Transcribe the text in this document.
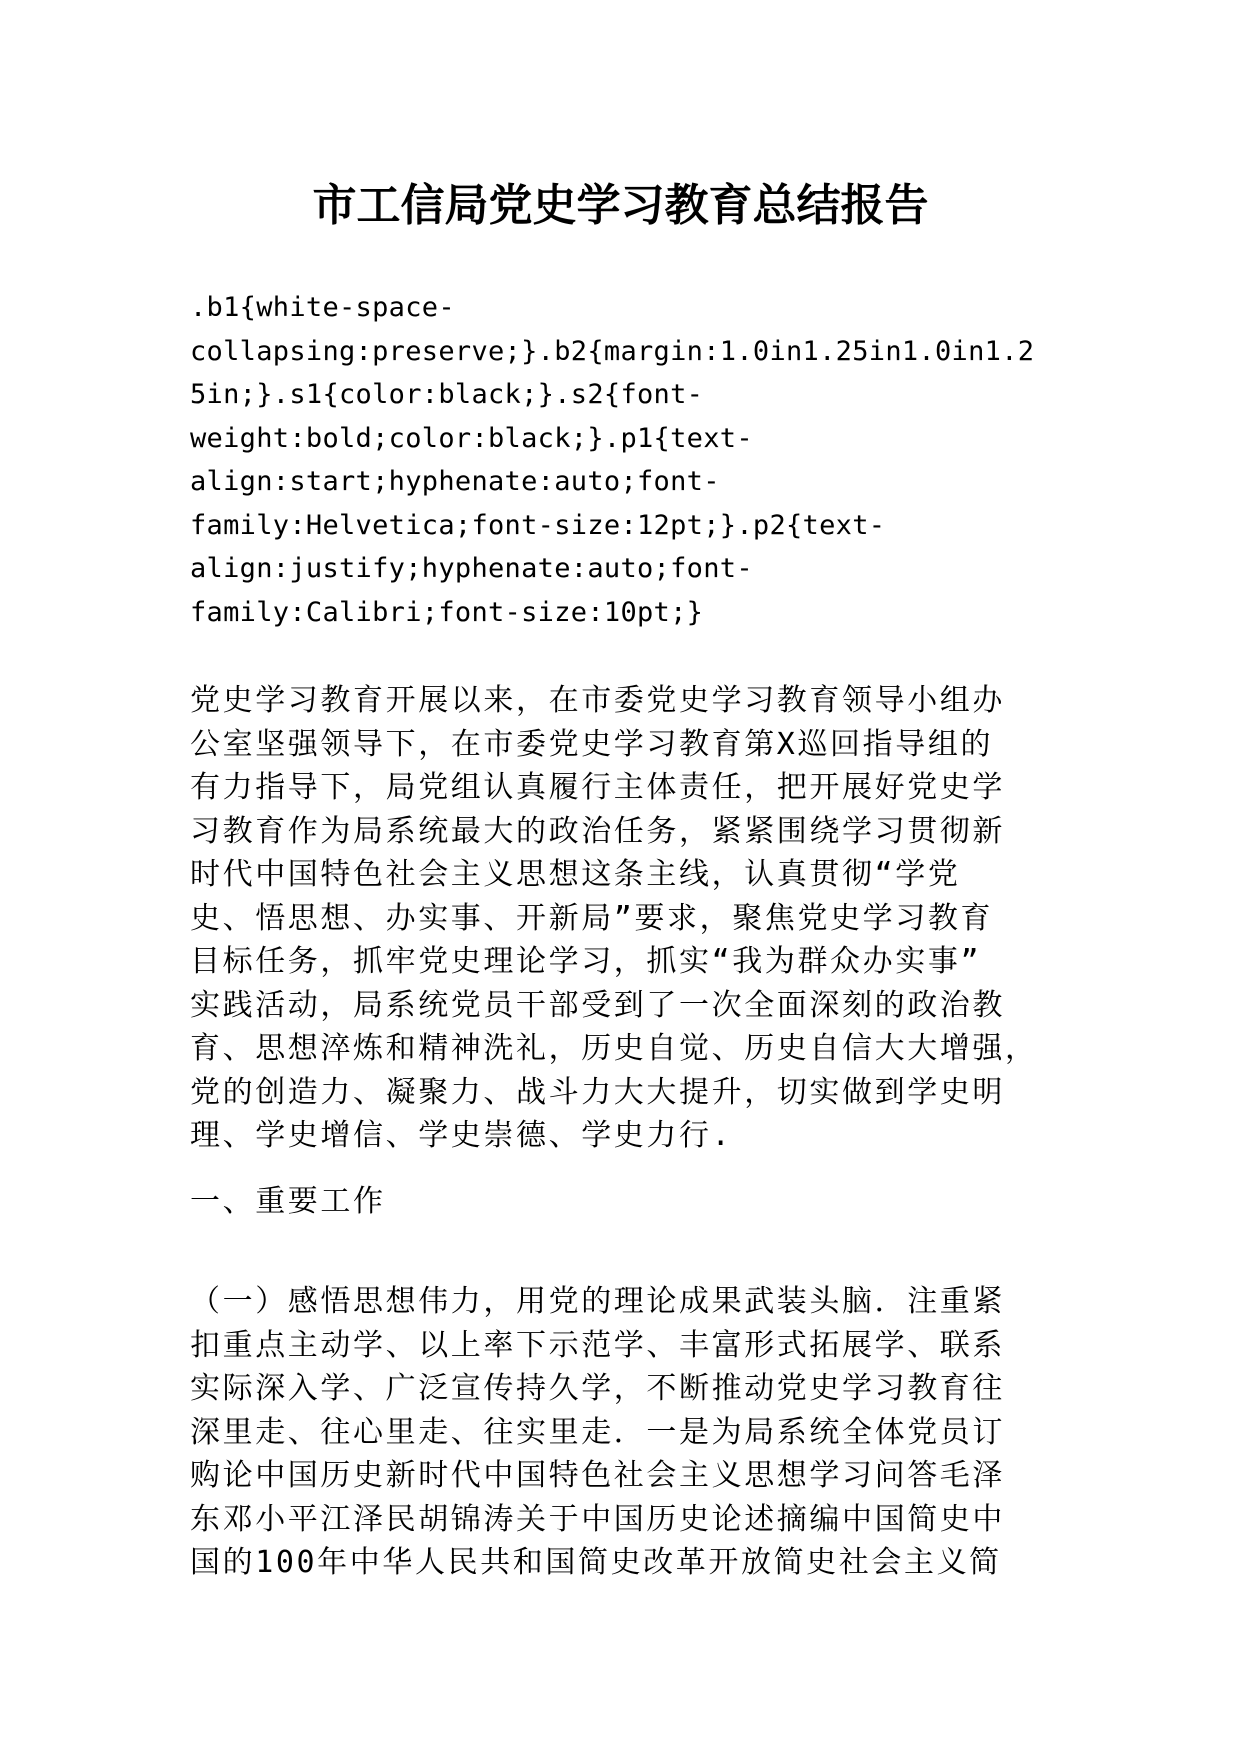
市工信局党史学习教育总结报告
.b1{white-space-
collapsing:preserve;}.b2{margin:1.0in1.25in1.0in1.2
5in;}.s1{color:black;}.s2{font-
weight:bold;color:black;}.p1{text-
align:start;hyphenate:auto;font-
family:Helvetica;font-size:12pt;}.p2{text-
align:justify;hyphenate:auto;font-
family:Calibri;font-size:10pt;}
党史学习教育开展以来，在市委党史学习教育领导小组办
公室坚强领导下，在市委党史学习教育第X巡回指导组的
有力指导下，局党组认真履行主体责任，把开展好党史学
习教育作为局系统最大的政治任务，紧紧围绕学习贯彻新
时代中国特色社会主义思想这条主线，认真贯彻“学党
史、悟思想、办实事、开新局”要求，聚焦党史学习教育
目标任务，抓牢党史理论学习，抓实“我为群众办实事”
实践活动，局系统党员干部受到了一次全面深刻的政治教
育、思想淬炼和精神洗礼，历史自觉、历史自信大大增强，
党的创造力、凝聚力、战斗力大大提升，切实做到学史明
理、学史增信、学史崇德、学史力行.
一、重要工作
（一）感悟思想伟力，用党的理论成果武装头脑．注重紧
扣重点主动学、以上率下示范学、丰富形式拓展学、联系
实际深入学、广泛宣传持久学，不断推动党史学习教育往
深里走、往心里走、往实里走．一是为局系统全体党员订
购论中国历史新时代中国特色社会主义思想学习问答毛泽
东邓小平江泽民胡锦涛关于中国历史论述摘编中国简史中
国的100年中华人民共和国简史改革开放简史社会主义简
